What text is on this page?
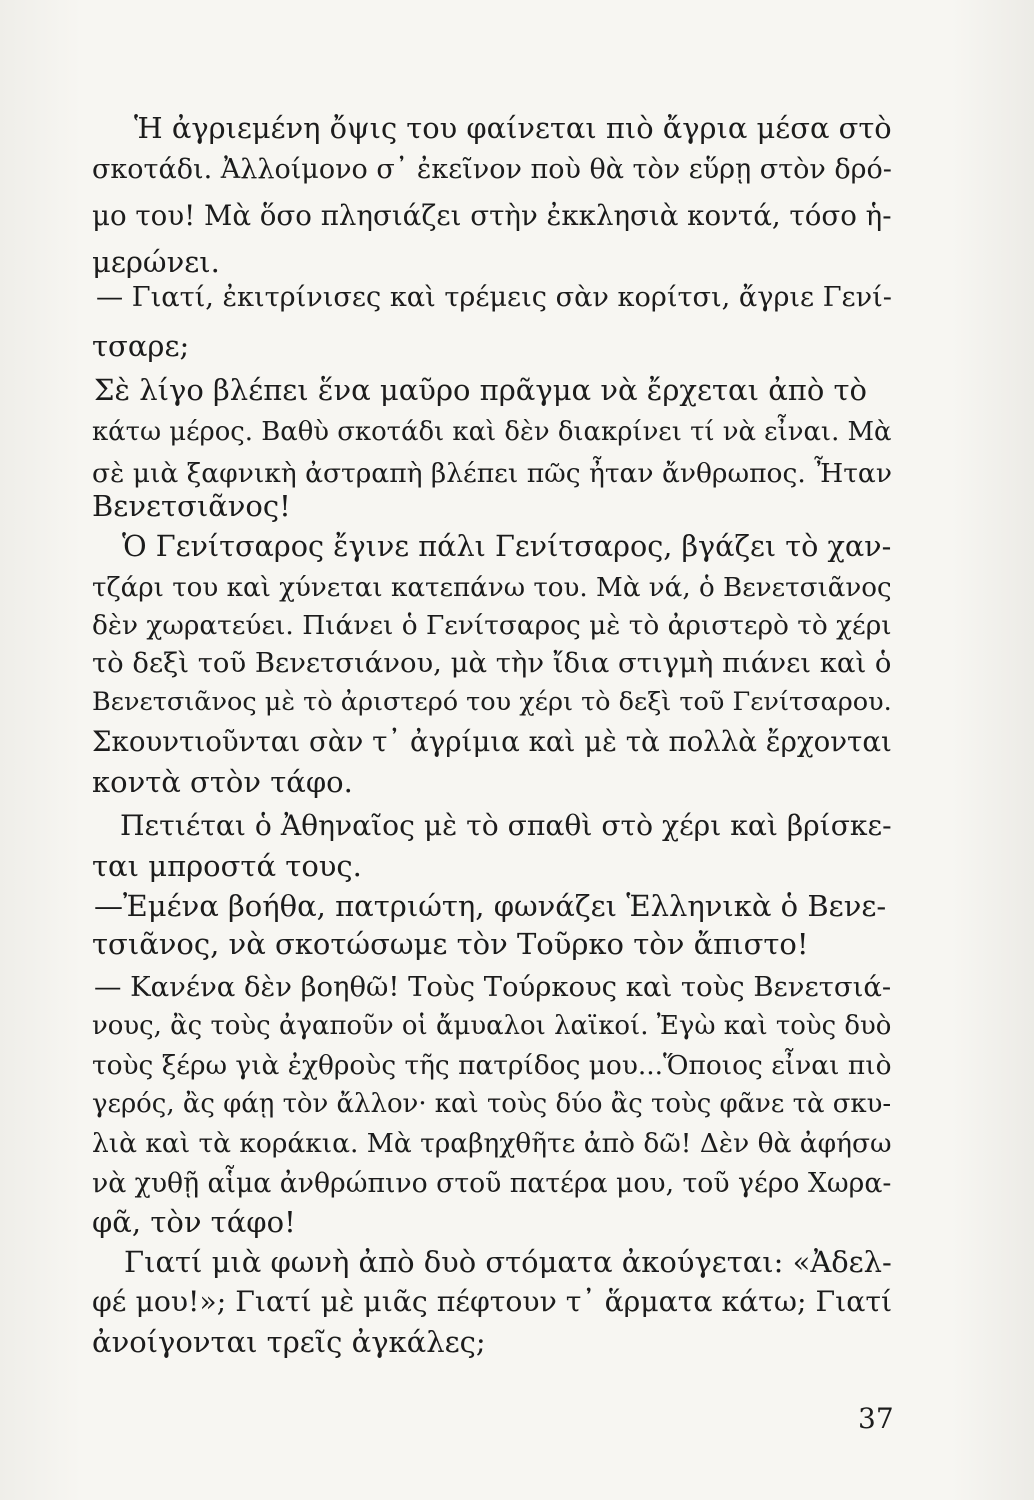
Ἡ ἀγριεμένη ὄψις του φαίνεται πιὸ ἄγρια μέσα στὸ
σκοτάδι. Ἀλλοίμονο σ᾽ ἐκεῖνον ποὺ θὰ τὸν εὕρῃ στὸν δρό-
μο του! Μὰ ὅσο πλησιάζει στὴν ἐκκλησιὰ κοντά, τόσο ἡ-
μερώνει.
— Γιατί, ἐκιτρίνισες καὶ τρέμεις σὰν κορίτσι, ἄγριε Γενί-
τσαρε;
Σὲ λίγο βλέπει ἕνα μαῦρο πρᾶγμα νὰ ἔρχεται ἀπὸ τὸ
κάτω μέρος. Βαθὺ σκοτάδι καὶ δὲν διακρίνει τί νὰ εἶναι. Μὰ
σὲ μιὰ ξαφνικὴ ἀστραπὴ βλέπει πῶς ἦταν ἄνθρωπος. Ἦταν
Βενετσιᾶνος!
Ὁ Γενίτσαρος ἔγινε πάλι Γενίτσαρος, βγάζει τὸ χαν-
τζάρι του καὶ χύνεται κατεπάνω του. Μὰ νά, ὁ Βενετσιᾶνος
δὲν χωρατεύει. Πιάνει ὁ Γενίτσαρος μὲ τὸ ἀριστερὸ τὸ χέρι
τὸ δεξὶ τοῦ Βενετσιάνου, μὰ τὴν ἴδια στιγμὴ πιάνει καὶ ὁ
Βενετσιᾶνος μὲ τὸ ἀριστερό του χέρι τὸ δεξὶ τοῦ Γενίτσαρου.
Σκουντιοῦνται σὰν τ᾽ ἀγρίμια καὶ μὲ τὰ πολλὰ ἔρχονται
κοντὰ στὸν τάφο.
Πετιέται ὁ Ἀθηναῖος μὲ τὸ σπαθὶ στὸ χέρι καὶ βρίσκε-
ται μπροστά τους.
—Ἐμένα βοήθα, πατριώτη, φωνάζει Ἑλληνικὰ ὁ Βενε-
τσιᾶνος, νὰ σκοτώσωμε τὸν Τοῦρκο τὸν ἄπιστο!
— Κανένα δὲν βοηθῶ! Τοὺς Τούρκους καὶ τοὺς Βενετσιά-
νους, ἂς τοὺς ἀγαποῦν οἱ ἄμυαλοι λαϊκοί. Ἐγὼ καὶ τοὺς δυὸ
τοὺς ξέρω γιὰ ἐχθροὺς τῆς πατρίδος μου...Ὅποιος εἶναι πιὸ
γερός, ἂς φάῃ τὸν ἄλλον· καὶ τοὺς δύο ἂς τοὺς φᾶνε τὰ σκυ-
λιὰ καὶ τὰ κοράκια. Μὰ τραβηχθῆτε ἀπὸ δῶ! Δὲν θὰ ἀφήσω
νὰ χυθῇ αἷμα ἀνθρώπινο στοῦ πατέρα μου, τοῦ γέρο Χωρα-
φᾶ, τὸν τάφο!
Γιατί μιὰ φωνὴ ἀπὸ δυὸ στόματα ἀκούγεται: «Ἀδελ-
φέ μου!»; Γιατί μὲ μιᾶς πέφτουν τ᾽ ἅρματα κάτω; Γιατί
ἀνοίγονται τρεῖς ἀγκάλες;
37
